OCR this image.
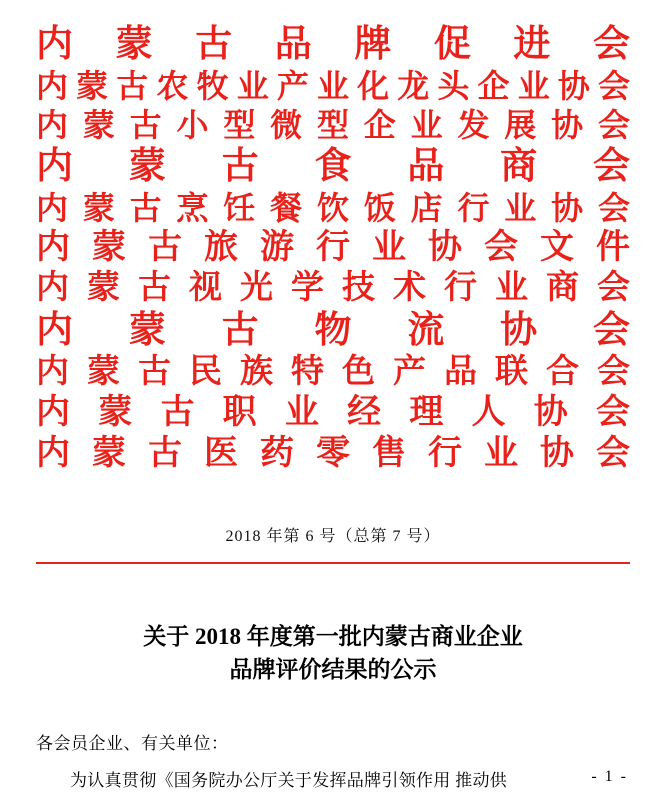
内 蒙 古 品 牌 促 进 会
内 蒙 古 农 牧 业 产 业 化 龙 头 企 业 协 会
内 蒙 古 小 型 微 型 企 业 发 展 协 会
内 蒙 古 食 品 商 会
内 蒙 古 烹 饪 餐 饮 饭 店 行 业 协 会
内 蒙 古 旅 游 行 业 协 会 文 件
内 蒙 古 视 光 学 技 术 行 业 商 会
内 蒙 古 物 流 协 会
内 蒙 古 民 族 特 色 产 品 联 合 会
内 蒙 古 职 业 经 理 人 协 会
内 蒙 古 医 药 零 售 行 业 协 会
2018 年第 6 号（总第 7 号）
关于 2018 年度第一批内蒙古商业企业
品牌评价结果的公示
各会员企业、有关单位：
为认真贯彻《国务院办公厅关于发挥品牌引领作用 推动供	- 1 -
